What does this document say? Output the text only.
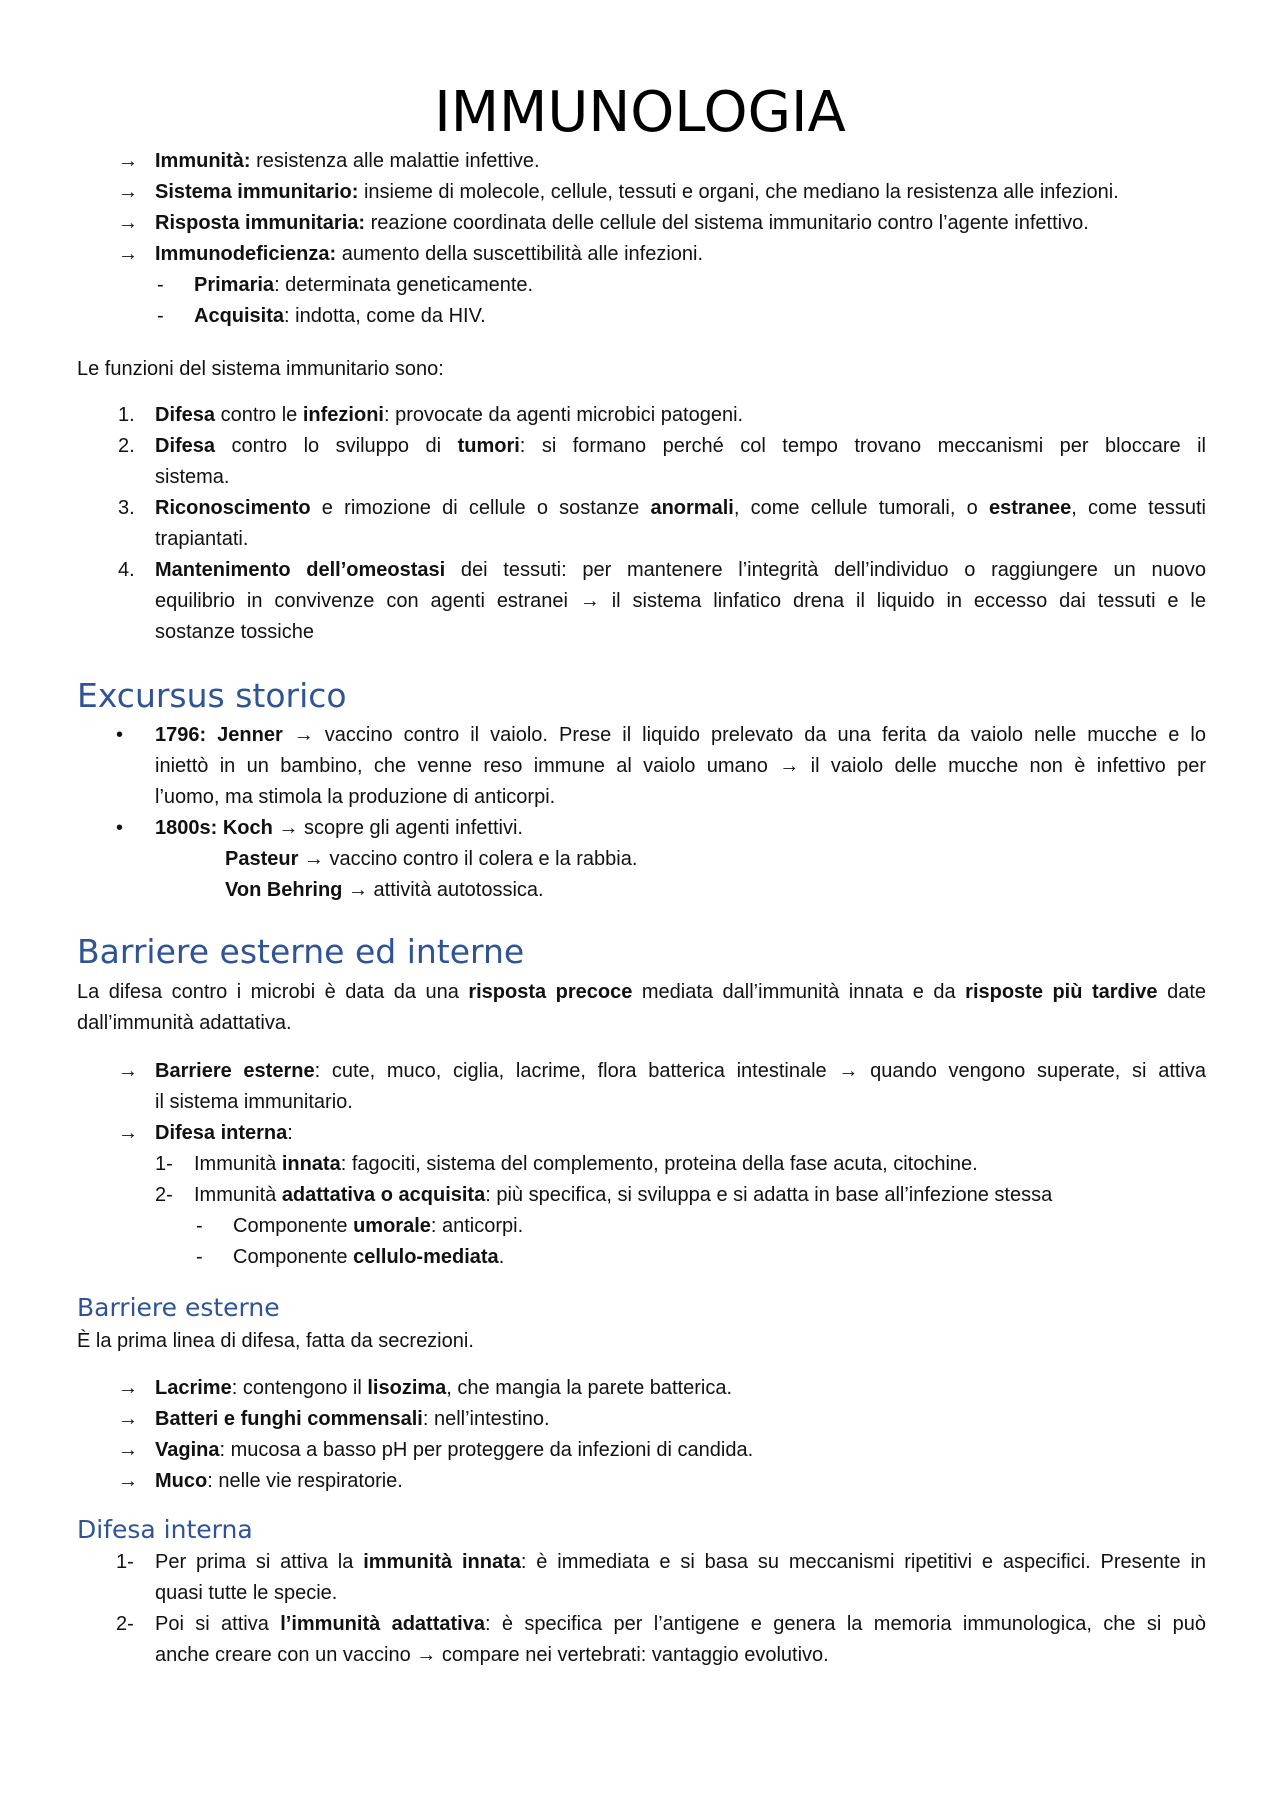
IMMUNOLOGIA
→ Immunità: resistenza alle malattie infettive.
→ Sistema immunitario: insieme di molecole, cellule, tessuti e organi, che mediano la resistenza alle infezioni.
→ Risposta immunitaria: reazione coordinata delle cellule del sistema immunitario contro l’agente infettivo.
→ Immunodeficienza: aumento della suscettibilità alle infezioni.
- Primaria: determinata geneticamente.
- Acquisita: indotta, come da HIV.
Le funzioni del sistema immunitario sono:
1. Difesa contro le infezioni: provocate da agenti microbici patogeni.
2. Difesa contro lo sviluppo di tumori: si formano perché col tempo trovano meccanismi per bloccare il
sistema.
3. Riconoscimento e rimozione di cellule o sostanze anormali, come cellule tumorali, o estranee, come tessuti
trapiantati.
4. Mantenimento dell’omeostasi dei tessuti: per mantenere l’integrità dell’individuo o raggiungere un nuovo
equilibrio in convivenze con agenti estranei → il sistema linfatico drena il liquido in eccesso dai tessuti e le
sostanze tossiche
Excursus storico
• 1796: Jenner → vaccino contro il vaiolo. Prese il liquido prelevato da una ferita da vaiolo nelle mucche e lo
iniettò in un bambino, che venne reso immune al vaiolo umano → il vaiolo delle mucche non è infettivo per
l’uomo, ma stimola la produzione di anticorpi.
• 1800s: Koch → scopre gli agenti infettivi.
Pasteur → vaccino contro il colera e la rabbia.
Von Behring → attività autotossica.
Barriere esterne ed interne
La difesa contro i microbi è data da una risposta precoce mediata dall’immunità innata e da risposte più tardive date
dall’immunità adattativa.
→ Barriere esterne: cute, muco, ciglia, lacrime, flora batterica intestinale → quando vengono superate, si attiva
il sistema immunitario.
→ Difesa interna:
1- Immunità innata: fagociti, sistema del complemento, proteina della fase acuta, citochine.
2- Immunità adattativa o acquisita: più specifica, si sviluppa e si adatta in base all’infezione stessa
- Componente umorale: anticorpi.
- Componente cellulo-mediata.
Barriere esterne
È la prima linea di difesa, fatta da secrezioni.
→ Lacrime: contengono il lisozima, che mangia la parete batterica.
→ Batteri e funghi commensali: nell’intestino.
→ Vagina: mucosa a basso pH per proteggere da infezioni di candida.
→ Muco: nelle vie respiratorie.
Difesa interna
1- Per prima si attiva la immunità innata: è immediata e si basa su meccanismi ripetitivi e aspecifici. Presente in
quasi tutte le specie.
2- Poi si attiva l’immunità adattativa: è specifica per l’antigene e genera la memoria immunologica, che si può
anche creare con un vaccino → compare nei vertebrati: vantaggio evolutivo.
